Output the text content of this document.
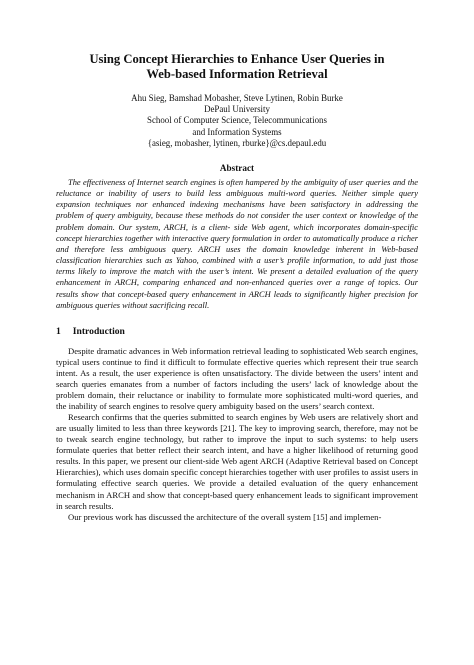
Using Concept Hierarchies to Enhance User Queries in
Web-based Information Retrieval
Ahu Sieg, Bamshad Mobasher, Steve Lytinen, Robin Burke
DePaul University
School of Computer Science, Telecommunications
and Information Systems
{asieg, mobasher, lytinen, rburke}@cs.depaul.edu
Abstract

The effectiveness of Internet search engines is often hampered by the ambiguity of user queries and the reluctance or inability of users to build less ambiguous multi-word queries. Neither simple query expansion techniques nor enhanced indexing mechanisms have been satisfactory in addressing the problem of query ambiguity, because these methods do not consider the user context or knowledge of the problem domain. Our system, ARCH, is a client- side Web agent, which incorporates domain-specific concept hierarchies together with interactive query formulation in order to automatically produce a richer and therefore less ambiguous query. ARCH uses the domain knowledge inherent in Web-based classification hierarchies such as Yahoo, combined with a user’s profile information, to add just those terms likely to improve the match with the user’s intent. We present a detailed evaluation of the query enhancement in ARCH, comparing enhanced and non-enhanced queries over a range of topics. Our results show that concept-based query enhancement in ARCH leads to significantly higher precision for ambiguous queries without sacrificing recall.

1 Introduction

Despite dramatic advances in Web information retrieval leading to sophisticated Web search engines, typical users continue to find it difficult to formulate effective queries which represent their true search intent. As a result, the user experience is often unsatisfactory. The divide between the users’ intent and search queries emanates from a number of factors including the users’ lack of knowledge about the problem domain, their reluctance or inability to formulate more sophisticated multi-word queries, and the inability of search engines to resolve query ambiguity based on the users’ search context.

Research confirms that the queries submitted to search engines by Web users are relatively short and are usually limited to less than three keywords [21]. The key to improving search, therefore, may not be to tweak search engine technology, but rather to improve the input to such systems: to help users formulate queries that better reflect their search intent, and have a higher likelihood of returning good results. In this paper, we present our client-side Web agent ARCH (Adaptive Retrieval based on Concept Hierarchies), which uses domain specific concept hierarchies together with user profiles to assist users in formulating effective search queries. We provide a detailed evaluation of the query enhancement mechanism in ARCH and show that concept-based query enhancement leads to significant improvement in search results.

Our previous work has discussed the architecture of the overall system [15] and implemen-
